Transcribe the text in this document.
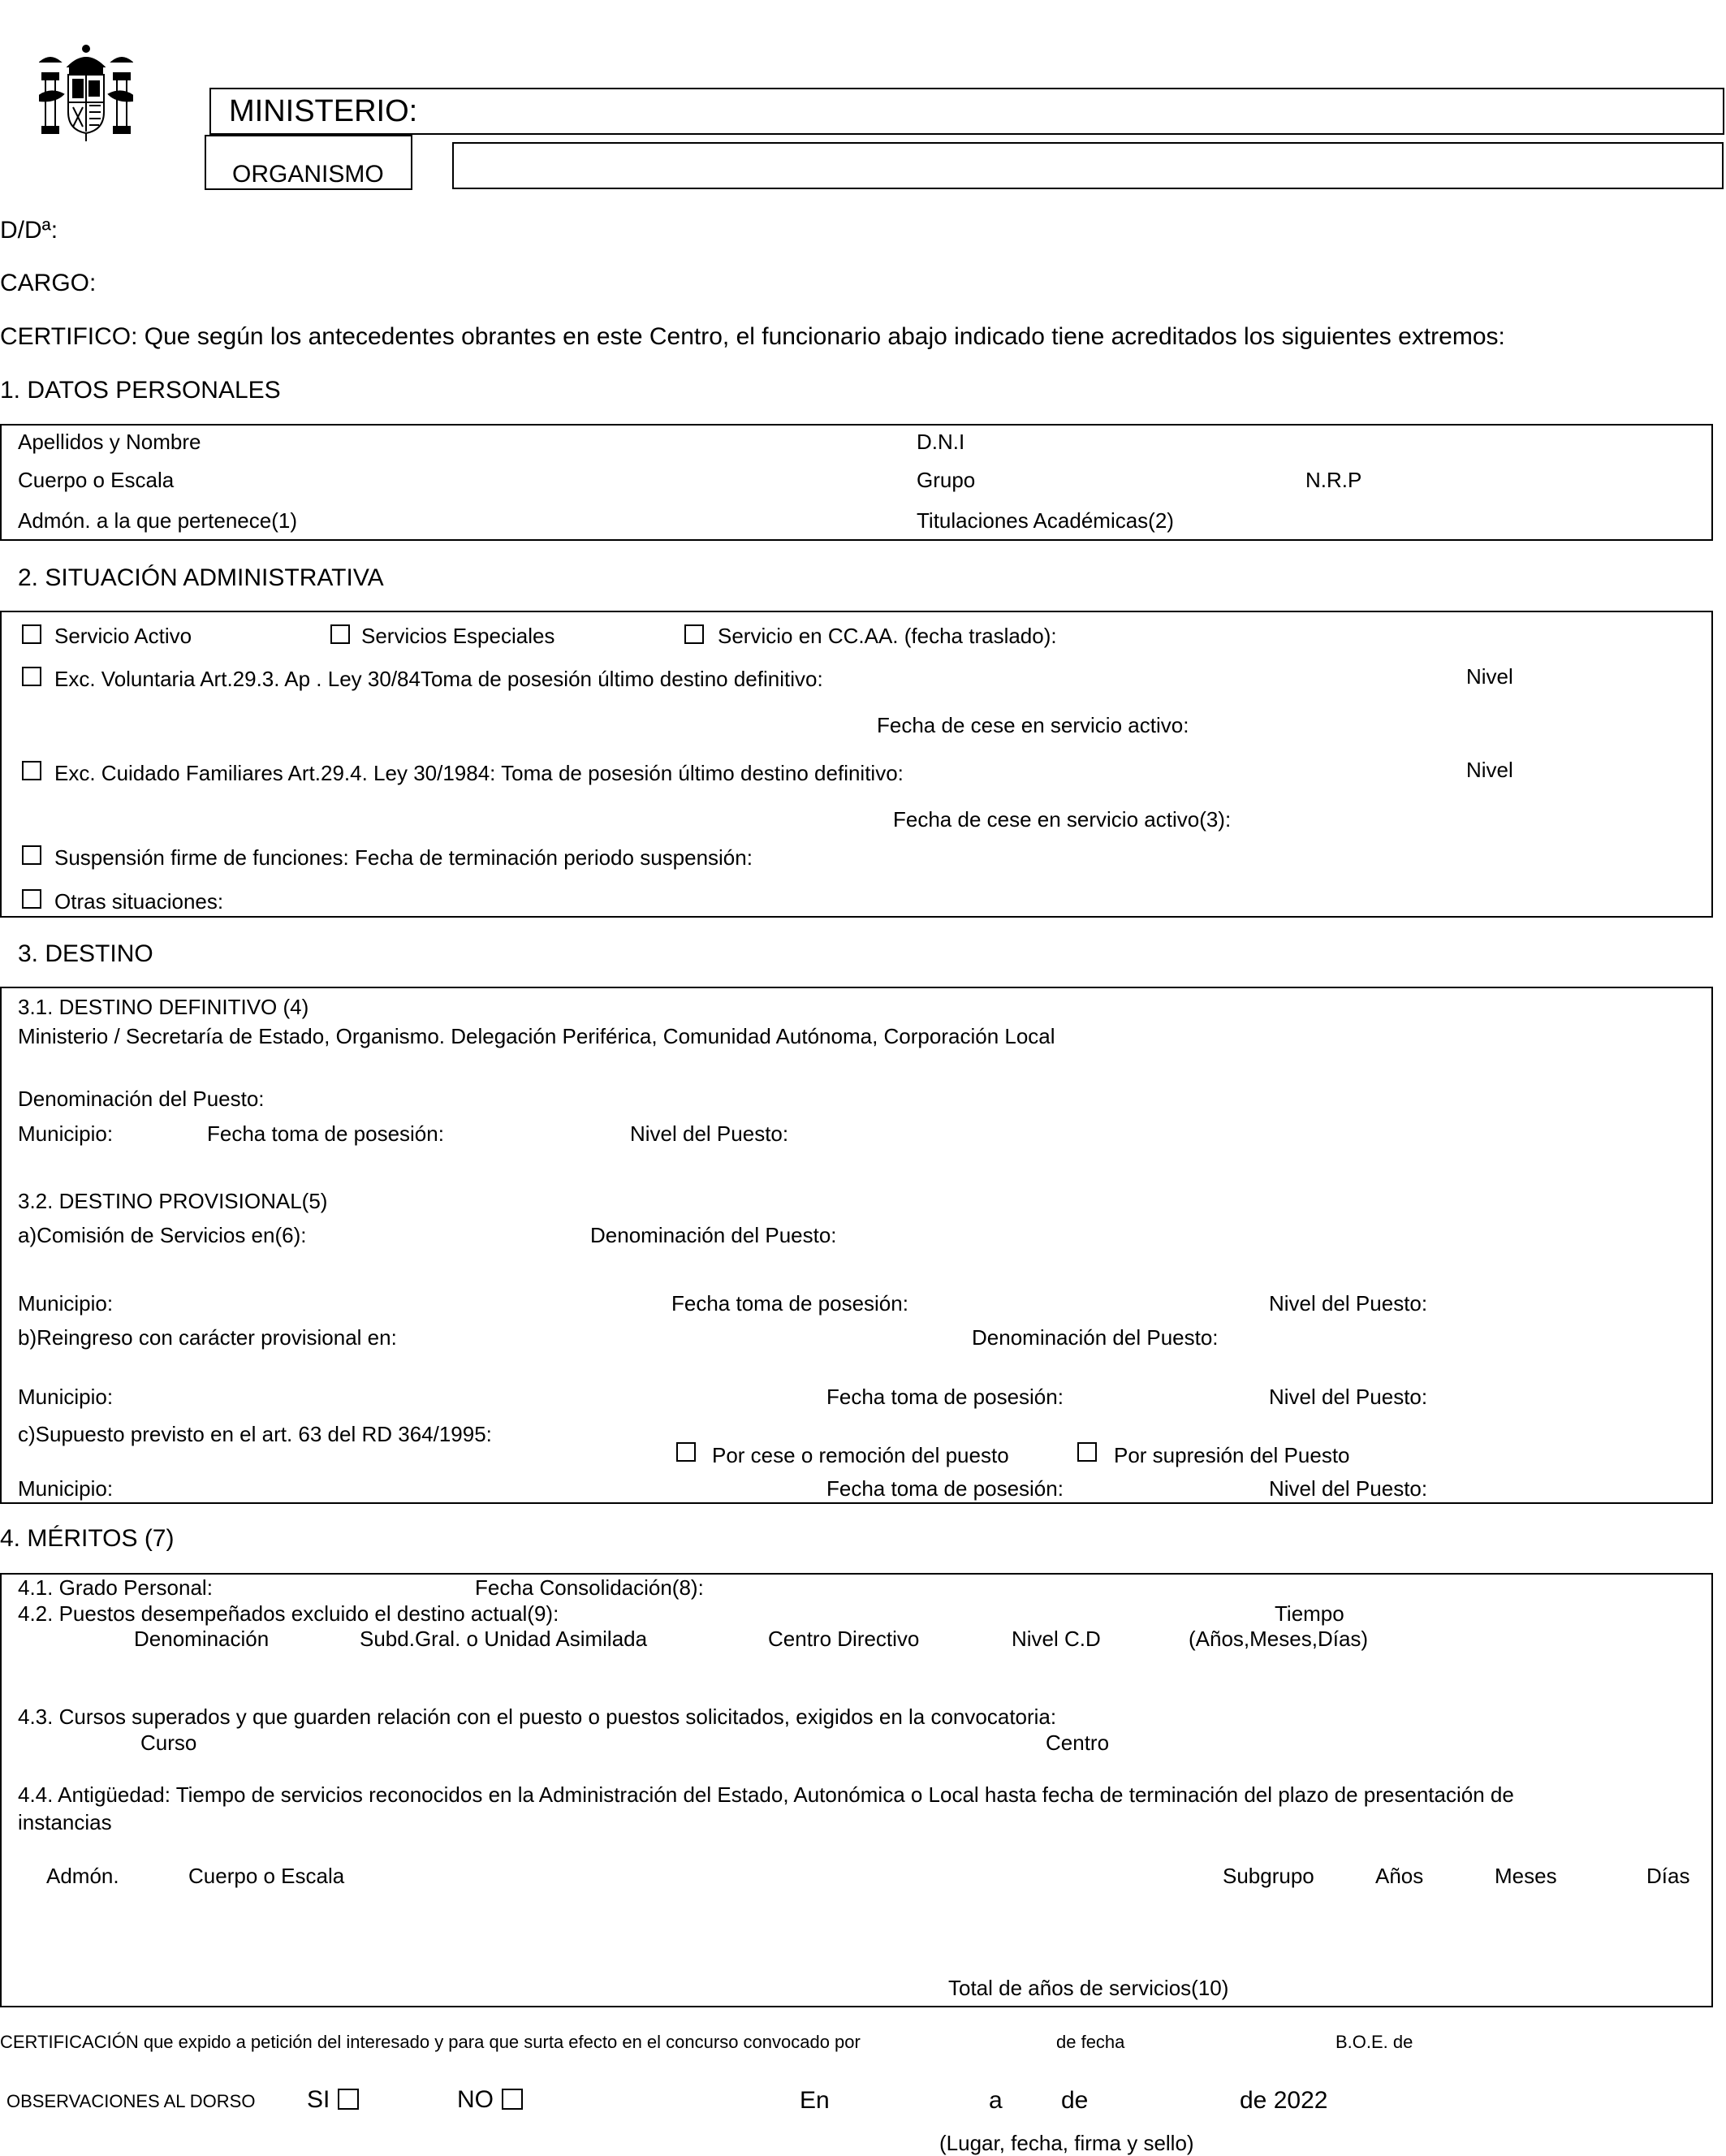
MINISTERIO:
ORGANISMO
D/Dª:
CARGO:
CERTIFICO: Que según los antecedentes obrantes en este Centro, el funcionario abajo indicado tiene acreditados los siguientes extremos:
1. DATOS PERSONALES
Apellidos y Nombre	D.N.I
Cuerpo o Escala	Grupo	N.R.P
Admón. a la que pertenece(1)	Titulaciones Académicas(2)
2. SITUACIÓN ADMINISTRATIVA
Servicio Activo	Servicios Especiales	Servicio en CC.AA. (fecha traslado):
Exc. Voluntaria Art.29.3. Ap . Ley 30/84Toma de posesión último destino definitivo:	Nivel
Fecha de cese en servicio activo:
Exc. Cuidado Familiares Art.29.4. Ley 30/1984: Toma de posesión último destino definitivo:	Nivel
Fecha de cese en servicio activo(3):
Suspensión firme de funciones: Fecha de terminación periodo suspensión:
Otras situaciones:
3. DESTINO
3.1. DESTINO DEFINITIVO (4)
Ministerio / Secretaría de Estado, Organismo. Delegación Periférica, Comunidad Autónoma, Corporación Local
Denominación del Puesto:
Municipio:	Fecha toma de posesión:	Nivel del Puesto:
3.2. DESTINO PROVISIONAL(5)
a)Comisión de Servicios en(6):	Denominación del Puesto:
Municipio:	Fecha toma de posesión:	Nivel del Puesto:
b)Reingreso con carácter provisional en:	Denominación del Puesto:
Municipio:	Fecha toma de posesión:	Nivel del Puesto:
c)Supuesto previsto en el art. 63 del RD 364/1995:
Por cese o remoción del puesto	Por supresión del Puesto
Municipio:	Fecha toma de posesión:	Nivel del Puesto:
4. MÉRITOS (7)
4.1. Grado Personal:	Fecha Consolidación(8):
4.2. Puestos desempeñados excluido el destino actual(9):	Tiempo
Denominación	Subd.Gral. o Unidad Asimilada	Centro Directivo	Nivel C.D	(Años,Meses,Días)
4.3. Cursos superados y que guarden relación con el puesto o puestos solicitados, exigidos en la convocatoria:
Curso	Centro
4.4. Antigüedad: Tiempo de servicios reconocidos en la Administración del Estado, Autonómica o Local hasta fecha de terminación del plazo de presentación de
instancias
Admón.	Cuerpo o Escala	Subgrupo	Años	Meses	Días
Total de años de servicios(10)
CERTIFICACIÓN que expido a petición del interesado y para que surta efecto en el concurso convocado por	de fecha	B.O.E. de
OBSERVACIONES AL DORSO SI	NO	En	a de	de 2022
(Lugar, fecha, firma y sello)
